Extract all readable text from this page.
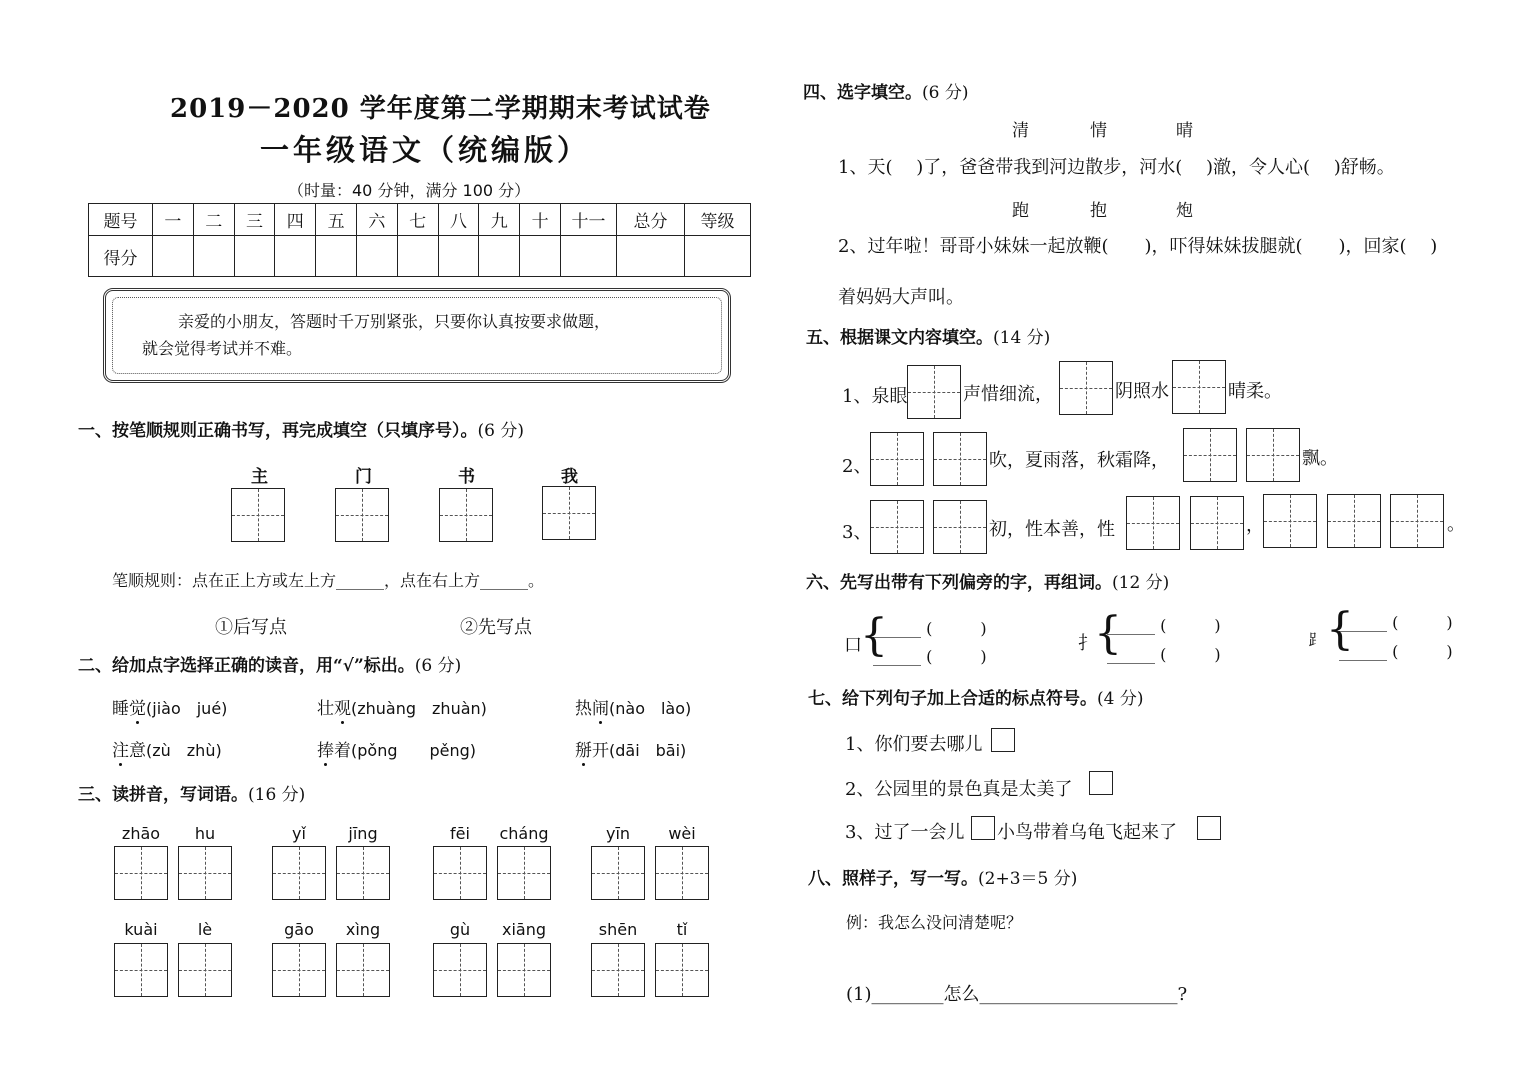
2019－2020 学年度第二学期期末考试试卷
一年级语文（统编版）
（时量：40 分钟，满分 100 分）
题号	一	二	三	四	五	六	七	八	九	十	十一	总分	等级
得分													
亲爱的小朋友，答题时千万别紧张，只要你认真按要求做题，
就会觉得考试并不难。
一、按笔顺规则正确书写，再完成填空（只填序号）。(6 分)
主	门	书	我
笔顺规则：点在正上方或左上方______，点在右上方______。
①后写点	②先写点
二、给加点字选择正确的读音，用“√”标出。(6 分)
睡觉(jiào　jué)	壮观(zhuàng　zhuàn)	热闹(nào　lào)
注意(zù　zhù)	捧着(pǒng　　pěng)	掰开(dāi　bāi)
三、读拼音，写词语。(16 分)
zhāo	hu	yǐ	jīng	fēi	cháng	yīn	wèi
kuài	lè	gāo	xìng	gù	xiāng	shēn	tǐ
四、选字填空。(6 分)
清	情	晴
1、天(　 )了，爸爸带我到河边散步，河水(　 )澈，令人心(　 )舒畅。
跑	抱	炮
2、过年啦！哥哥小妹妹一起放鞭(　　)，吓得妹妹拔腿就(　　)，回家(　 )
着妈妈大声叫。
五、根据课文内容填空。(14 分)
1、泉眼	声惜细流，	阴照水	晴柔。
2、	吹，夏雨落，秋霜降，	飘。
3、	初，性本善，性	，	。
六、先写出带有下列偏旁的字，再组词。(12 分)
口
{
______ (　　　)
______ (　　　)
扌
{
______ (　　　)
______ (　　　)
⻊ {
______ (　　　)
______ (　　　)
七、给下列句子加上合适的标点符号。(4 分)
1、你们要去哪儿
2、公园里的景色真是太美了
3、过了一会儿 小鸟带着乌龟飞起来了
八、照样子，写一写。(2+3＝5 分)
例：我怎么没问清楚呢？
(1)________怎么______________________?
